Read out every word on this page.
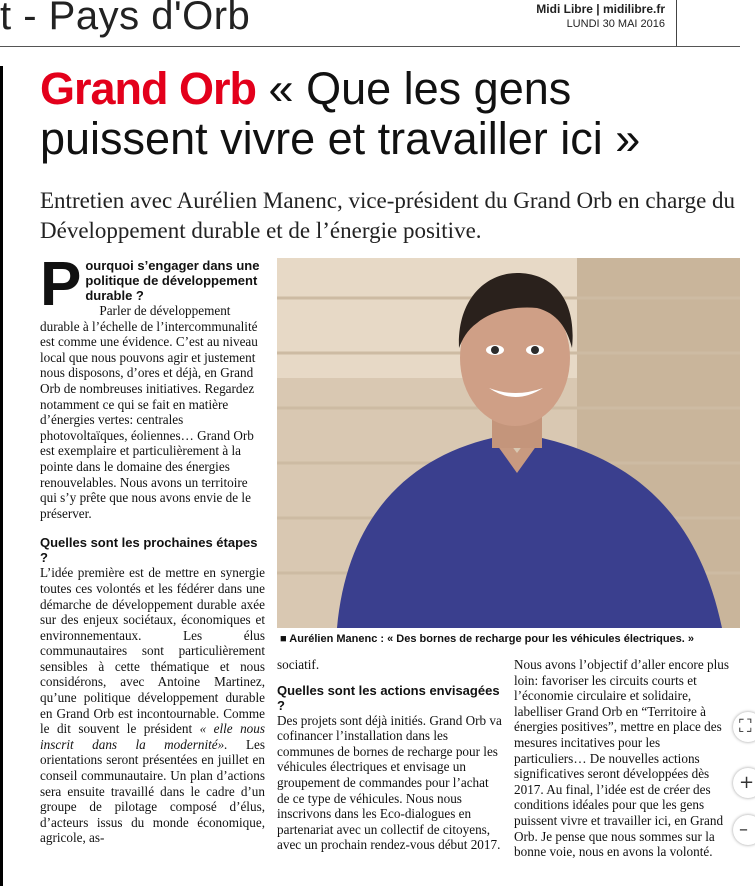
t - Pays d'Orb	Midi Libre | midilibre.fr
LUNDI 30 MAI 2016
Grand Orb « Que les gens puissent vivre et travailler ici »
Entretien avec Aurélien Manenc, vice-président du Grand Orb en charge du Développement durable et de l’énergie positive.
P ourquoi s’engager dans une politique de développement durable ?

Parler de développement durable à l’échelle de l’intercommunalité est comme une évidence. C’est au niveau local que nous pouvons agir et justement nous disposons, d’ores et déjà, en Grand Orb de nombreuses initiatives. Regardez notamment ce qui se fait en matière d’énergies vertes: centrales photovoltaïques, éoliennes… Grand Orb est exemplaire et particulièrement à la pointe dans le domaine des énergies renouvelables. Nous avons un territoire qui s’y prête que nous avons envie de le préserver.

Quelles sont les prochaines étapes ?

L’idée première est de mettre en synergie toutes ces volontés et les fédérer dans une démarche de développement durable axée sur des enjeux sociétaux, économiques et environnementaux. Les élus communautaires sont particulièrement sensibles à cette thématique et nous considérons, avec Antoine Martinez, qu’une politique développement durable en Grand Orb est incontournable. Comme le dit souvent le président « elle nous inscrit dans la modernité». Les orientations seront présentées en juillet en conseil communautaire. Un plan d’actions sera ensuite travaillé dans le cadre d’un groupe de pilotage composé d’élus, d’acteurs issus du monde économique, agricole, as-

■ Aurélien Manenc : « Des bornes de recharge pour les véhicules électriques. »

sociatif.

Quelles sont les actions envisagées ?

Des projets sont déjà initiés. Grand Orb va cofinancer l’installation dans les communes de bornes de recharge pour les véhicules électriques et envisage un groupement de commandes pour l’achat de ce type de véhicules. Nous nous inscrivons dans les Eco-dialogues en partenariat avec un collectif de citoyens, avec un prochain rendez-vous début 2017.

Nous avons l’objectif d’aller encore plus loin: favoriser les circuits courts et l’économie circulaire et solidaire, labelliser Grand Orb en “Territoire à énergies positives”, mettre en place des mesures incitatives pour les particuliers… De nouvelles actions significatives seront développées dès 2017. Au final, l’idée est de créer des conditions idéales pour que les gens puissent vivre et travailler ici, en Grand Orb. Je pense que nous sommes sur la bonne voie, nous en avons la volonté.

⛶
+
–
